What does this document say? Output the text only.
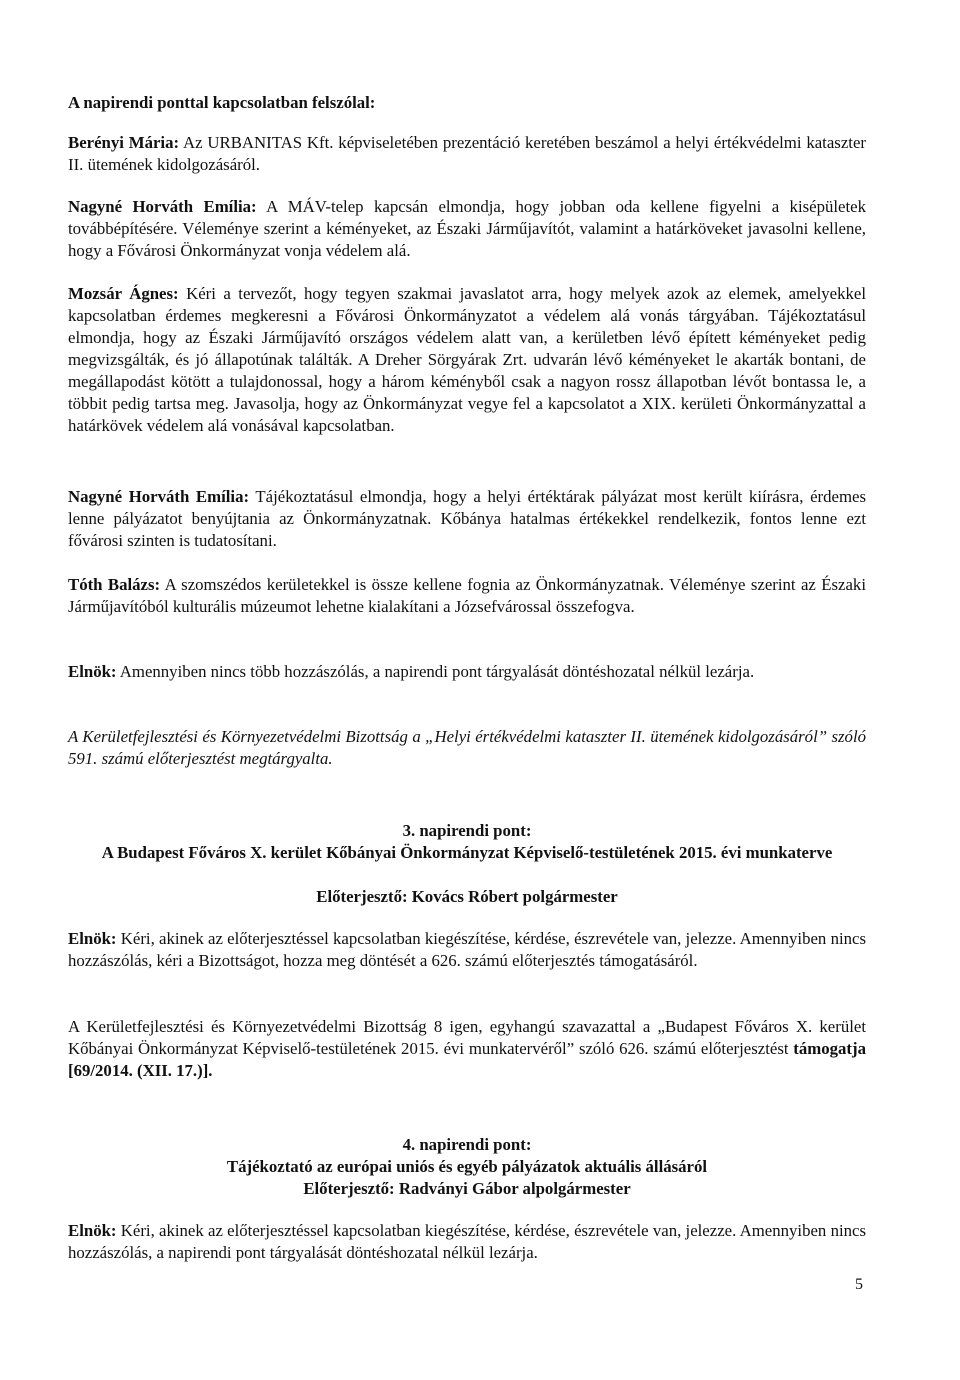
A napirendi ponttal kapcsolatban felszólal:

Berényi Mária: Az URBANITAS Kft. képviseletében prezentáció keretében beszámol a helyi értékvédelmi kataszter II. ütemének kidolgozásáról.

Nagyné Horváth Emília: A MÁV-telep kapcsán elmondja, hogy jobban oda kellene figyelni a kisépületek továbbépítésére. Véleménye szerint a kéményeket, az Északi Járműjavítót, valamint a határköveket javasolni kellene, hogy a Fővárosi Önkormányzat vonja védelem alá.

Mozsár Ágnes: Kéri a tervezőt, hogy tegyen szakmai javaslatot arra, hogy melyek azok az elemek, amelyekkel kapcsolatban érdemes megkeresni a Fővárosi Önkormányzatot a védelem alá vonás tárgyában. Tájékoztatásul elmondja, hogy az Északi Járműjavító országos védelem alatt van, a kerületben lévő épített kéményeket pedig megvizsgálták, és jó állapotúnak találták. A Dreher Sörgyárak Zrt. udvarán lévő kéményeket le akarták bontani, de megállapodást kötött a tulajdonossal, hogy a három kéményből csak a nagyon rossz állapotban lévőt bontassa le, a többit pedig tartsa meg. Javasolja, hogy az Önkormányzat vegye fel a kapcsolatot a XIX. kerületi Önkormányzattal a határkövek védelem alá vonásával kapcsolatban.

Nagyné Horváth Emília: Tájékoztatásul elmondja, hogy a helyi értéktárak pályázat most került kiírásra, érdemes lenne pályázatot benyújtania az Önkormányzatnak. Kőbánya hatalmas értékekkel rendelkezik, fontos lenne ezt fővárosi szinten is tudatosítani.

Tóth Balázs: A szomszédos kerületekkel is össze kellene fognia az Önkormányzatnak. Véleménye szerint az Északi Járműjavítóból kulturális múzeumot lehetne kialakítani a Józsefvárossal összefogva.

Elnök: Amennyiben nincs több hozzászólás, a napirendi pont tárgyalását döntéshozatal nélkül lezárja.

A Kerületfejlesztési és Környezetvédelmi Bizottság a „Helyi értékvédelmi kataszter II. ütemének kidolgozásáról” szóló 591. számú előterjesztést megtárgyalta.

3. napirendi pont:

A Budapest Főváros X. kerület Kőbányai Önkormányzat Képviselő-testületének 2015. évi munkaterve

Előterjesztő: Kovács Róbert polgármester

Elnök: Kéri, akinek az előterjesztéssel kapcsolatban kiegészítése, kérdése, észrevétele van, jelezze. Amennyiben nincs hozzászólás, kéri a Bizottságot, hozza meg döntését a 626. számú előterjesztés támogatásáról.

A Kerületfejlesztési és Környezetvédelmi Bizottság 8 igen, egyhangú szavazattal a „Budapest Főváros X. kerület Kőbányai Önkormányzat Képviselő-testületének 2015. évi munkatervéről” szóló 626. számú előterjesztést támogatja [69/2014. (XII. 17.)].

4. napirendi pont:

Tájékoztató az európai uniós és egyéb pályázatok aktuális állásáról

Előterjesztő: Radványi Gábor alpolgármester

Elnök: Kéri, akinek az előterjesztéssel kapcsolatban kiegészítése, kérdése, észrevétele van, jelezze. Amennyiben nincs hozzászólás, a napirendi pont tárgyalását döntéshozatal nélkül lezárja.

5
